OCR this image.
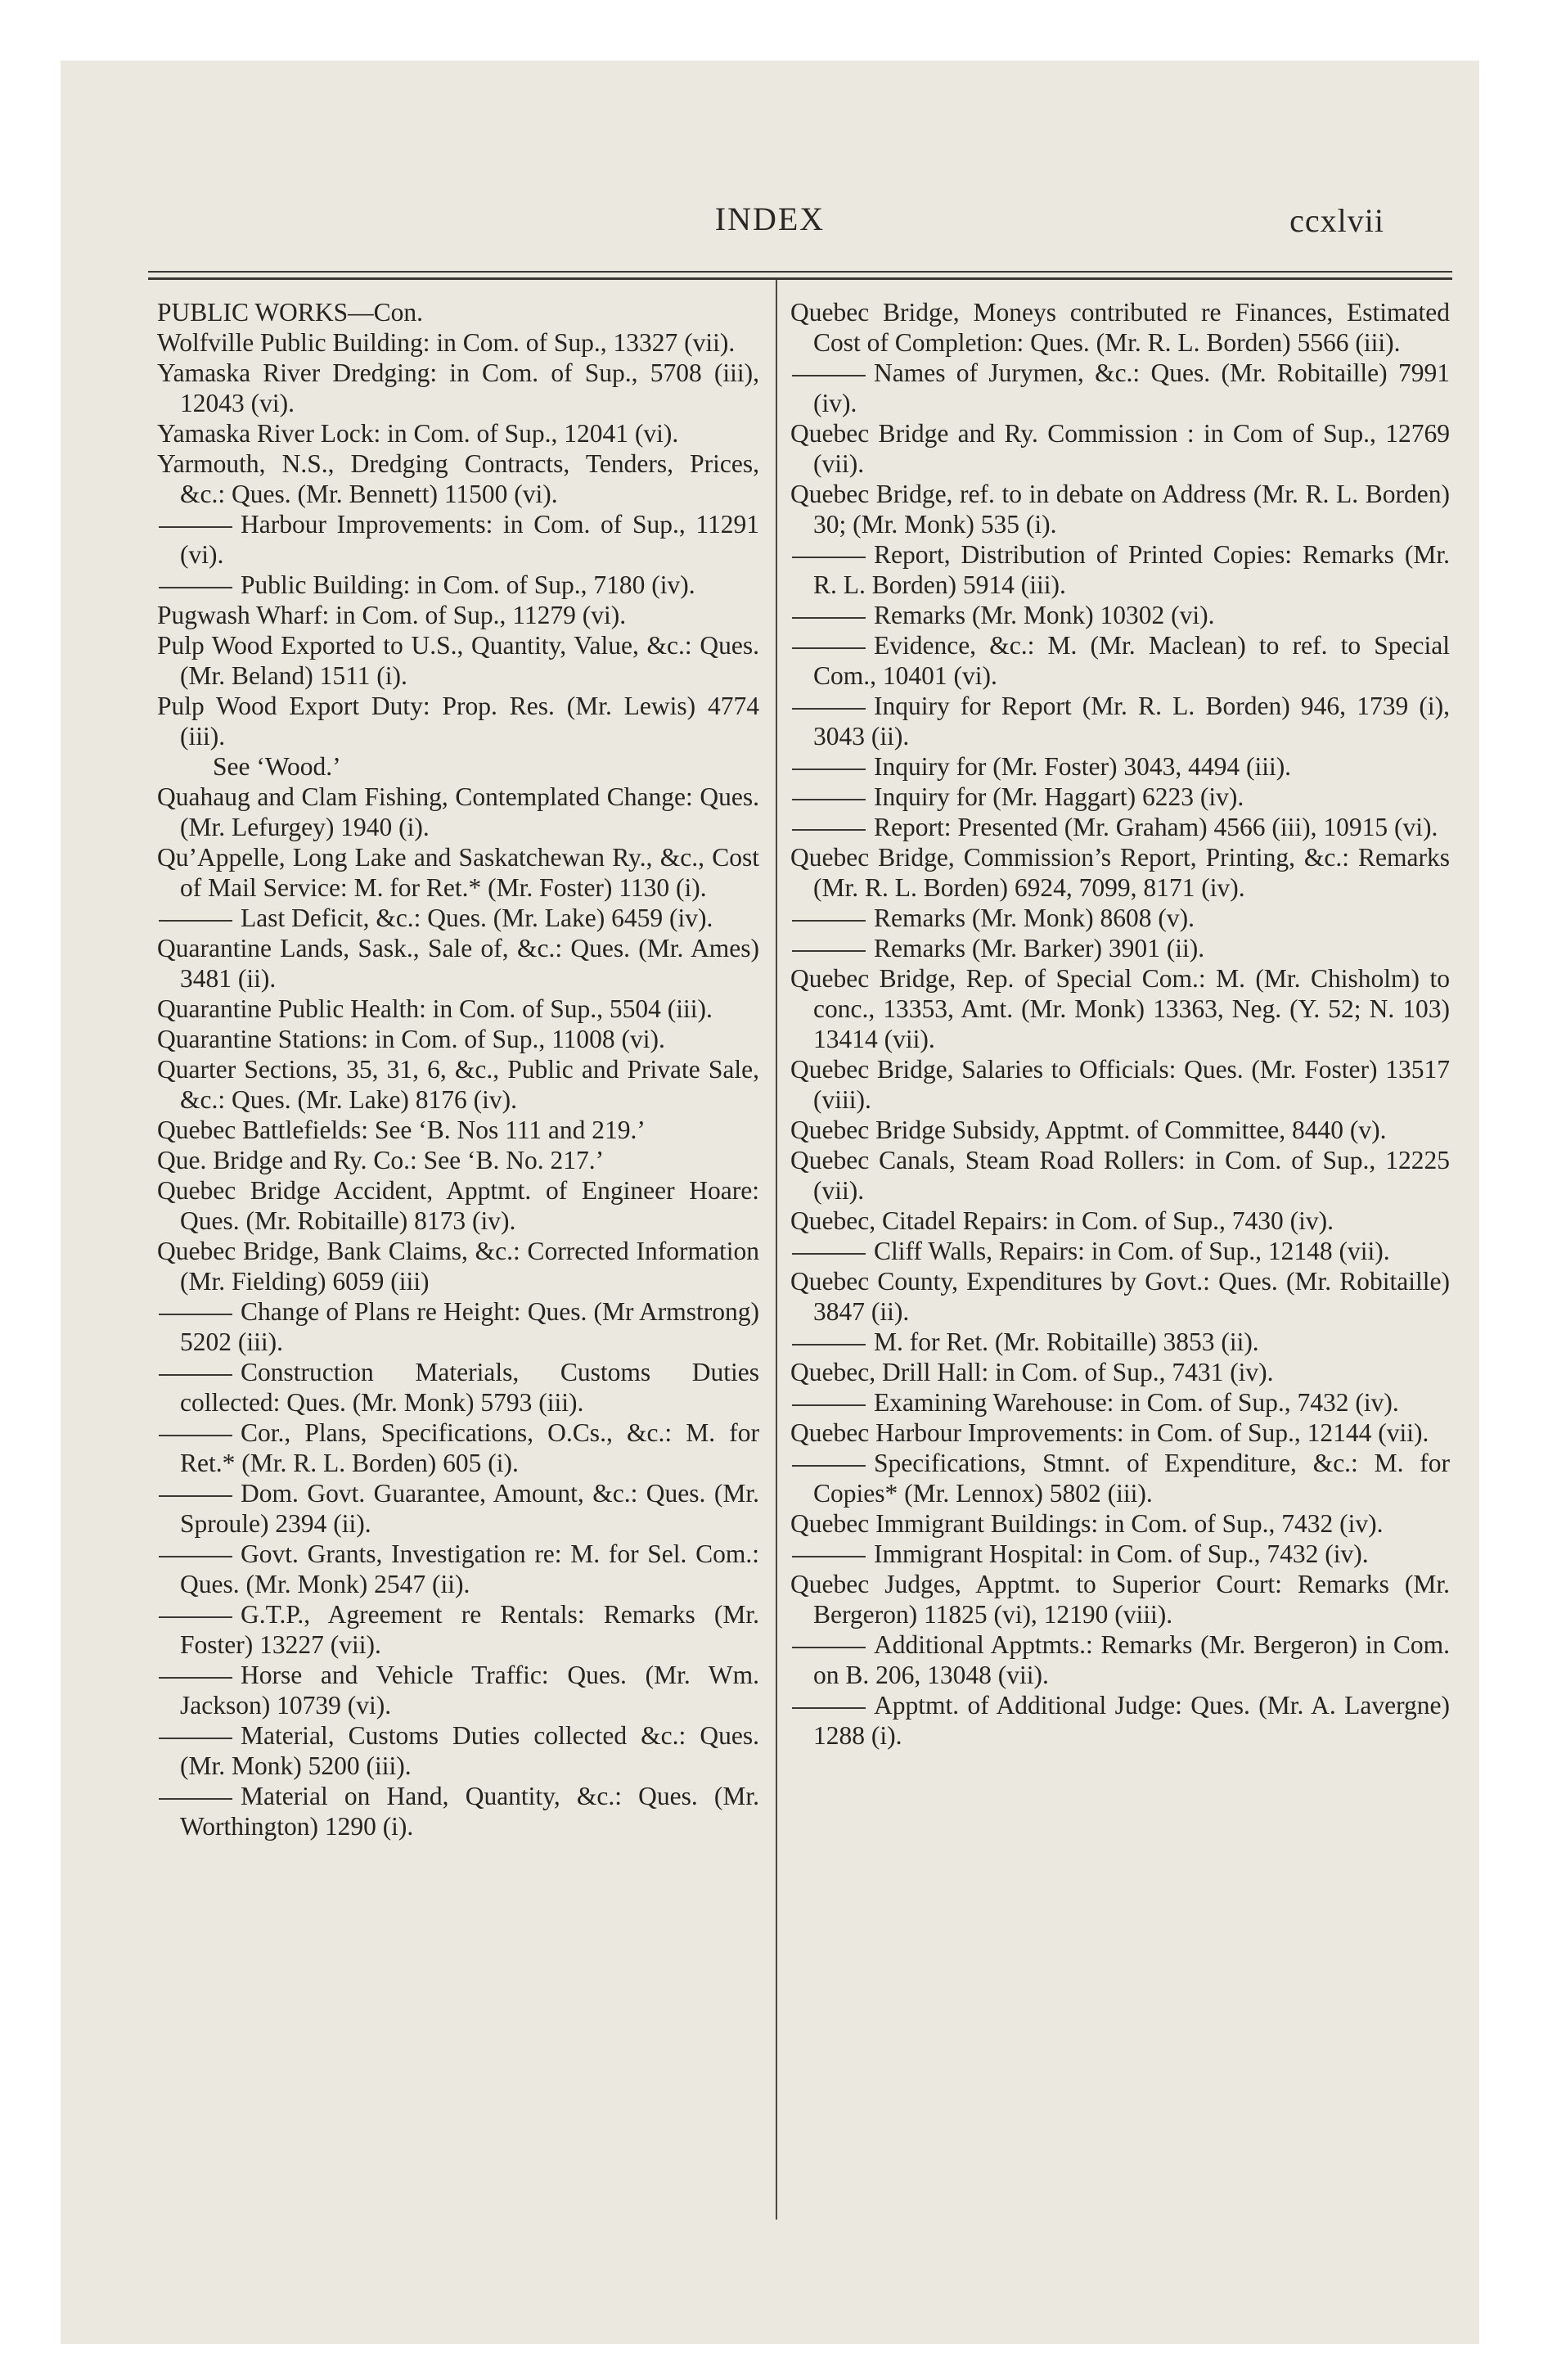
INDEX	ccxlvii

PUBLIC WORKS—Con.

Wolfville Public Building: in Com. of Sup., 13327 (vii).

Yamaska River Dredging: in Com. of Sup., 5708 (iii), 12043 (vi).

Yamaska River Lock: in Com. of Sup., 12041 (vi).

Yarmouth, N.S., Dredging Contracts, Tenders, Prices, &c.: Ques. (Mr. Bennett) 11500 (vi).

Harbour Improvements: in Com. of Sup., 11291 (vi).

Public Building: in Com. of Sup., 7180 (iv).

Pugwash Wharf: in Com. of Sup., 11279 (vi).

Pulp Wood Exported to U.S., Quantity, Value, &c.: Ques. (Mr. Beland) 1511 (i).

Pulp Wood Export Duty: Prop. Res. (Mr. Lewis) 4774 (iii).

See ‘Wood.’

Quahaug and Clam Fishing, Contemplated Change: Ques. (Mr. Lefurgey) 1940 (i).

Qu’Appelle, Long Lake and Saskatchewan Ry., &c., Cost of Mail Service: M. for Ret.* (Mr. Foster) 1130 (i).

Last Deficit, &c.: Ques. (Mr. Lake) 6459 (iv).

Quarantine Lands, Sask., Sale of, &c.: Ques. (Mr. Ames) 3481 (ii).

Quarantine Public Health: in Com. of Sup., 5504 (iii).

Quarantine Stations: in Com. of Sup., 11008 (vi).

Quarter Sections, 35, 31, 6, &c., Public and Private Sale, &c.: Ques. (Mr. Lake) 8176 (iv).

Quebec Battlefields: See ‘B. Nos 111 and 219.’

Que. Bridge and Ry. Co.: See ‘B. No. 217.’

Quebec Bridge Accident, Apptmt. of Engineer Hoare: Ques. (Mr. Robitaille) 8173 (iv).

Quebec Bridge, Bank Claims, &c.: Corrected Information (Mr. Fielding) 6059 (iii)

Change of Plans re Height: Ques. (Mr Armstrong) 5202 (iii).

Construction Materials, Customs Duties collected: Ques. (Mr. Monk) 5793 (iii).

Cor., Plans, Specifications, O.Cs., &c.: M. for Ret.* (Mr. R. L. Borden) 605 (i).

Dom. Govt. Guarantee, Amount, &c.: Ques. (Mr. Sproule) 2394 (ii).

Govt. Grants, Investigation re: M. for Sel. Com.: Ques. (Mr. Monk) 2547 (ii).

G.T.P., Agreement re Rentals: Remarks (Mr. Foster) 13227 (vii).

Horse and Vehicle Traffic: Ques. (Mr. Wm. Jackson) 10739 (vi).

Material, Customs Duties collected &c.: Ques. (Mr. Monk) 5200 (iii).

Material on Hand, Quantity, &c.: Ques. (Mr. Worthington) 1290 (i).

Quebec Bridge, Moneys contributed re Finances, Estimated Cost of Completion: Ques. (Mr. R. L. Borden) 5566 (iii).

Names of Jurymen, &c.: Ques. (Mr. Robitaille) 7991 (iv).

Quebec Bridge and Ry. Commission : in Com of Sup., 12769 (vii).

Quebec Bridge, ref. to in debate on Address (Mr. R. L. Borden) 30; (Mr. Monk) 535 (i).

Report, Distribution of Printed Copies: Remarks (Mr. R. L. Borden) 5914 (iii).

Remarks (Mr. Monk) 10302 (vi).

Evidence, &c.: M. (Mr. Maclean) to ref. to Special Com., 10401 (vi).

Inquiry for Report (Mr. R. L. Borden) 946, 1739 (i), 3043 (ii).

Inquiry for (Mr. Foster) 3043, 4494 (iii).

Inquiry for (Mr. Haggart) 6223 (iv).

Report: Presented (Mr. Graham) 4566 (iii), 10915 (vi).

Quebec Bridge, Commission’s Report, Printing, &c.: Remarks (Mr. R. L. Borden) 6924, 7099, 8171 (iv).

Remarks (Mr. Monk) 8608 (v).

Remarks (Mr. Barker) 3901 (ii).

Quebec Bridge, Rep. of Special Com.: M. (Mr. Chisholm) to conc., 13353, Amt. (Mr. Monk) 13363, Neg. (Y. 52; N. 103) 13414 (vii).

Quebec Bridge, Salaries to Officials: Ques. (Mr. Foster) 13517 (viii).

Quebec Bridge Subsidy, Apptmt. of Committee, 8440 (v).

Quebec Canals, Steam Road Rollers: in Com. of Sup., 12225 (vii).

Quebec, Citadel Repairs: in Com. of Sup., 7430 (iv).

Cliff Walls, Repairs: in Com. of Sup., 12148 (vii).

Quebec County, Expenditures by Govt.: Ques. (Mr. Robitaille) 3847 (ii).

M. for Ret. (Mr. Robitaille) 3853 (ii).

Quebec, Drill Hall: in Com. of Sup., 7431 (iv).

Examining Warehouse: in Com. of Sup., 7432 (iv).

Quebec Harbour Improvements: in Com. of Sup., 12144 (vii).

Specifications, Stmnt. of Expenditure, &c.: M. for Copies* (Mr. Lennox) 5802 (iii).

Quebec Immigrant Buildings: in Com. of Sup., 7432 (iv).

Immigrant Hospital: in Com. of Sup., 7432 (iv).

Quebec Judges, Apptmt. to Superior Court: Remarks (Mr. Bergeron) 11825 (vi), 12190 (viii).

Additional Apptmts.: Remarks (Mr. Bergeron) in Com. on B. 206, 13048 (vii).

Apptmt. of Additional Judge: Ques. (Mr. A. Lavergne) 1288 (i).
